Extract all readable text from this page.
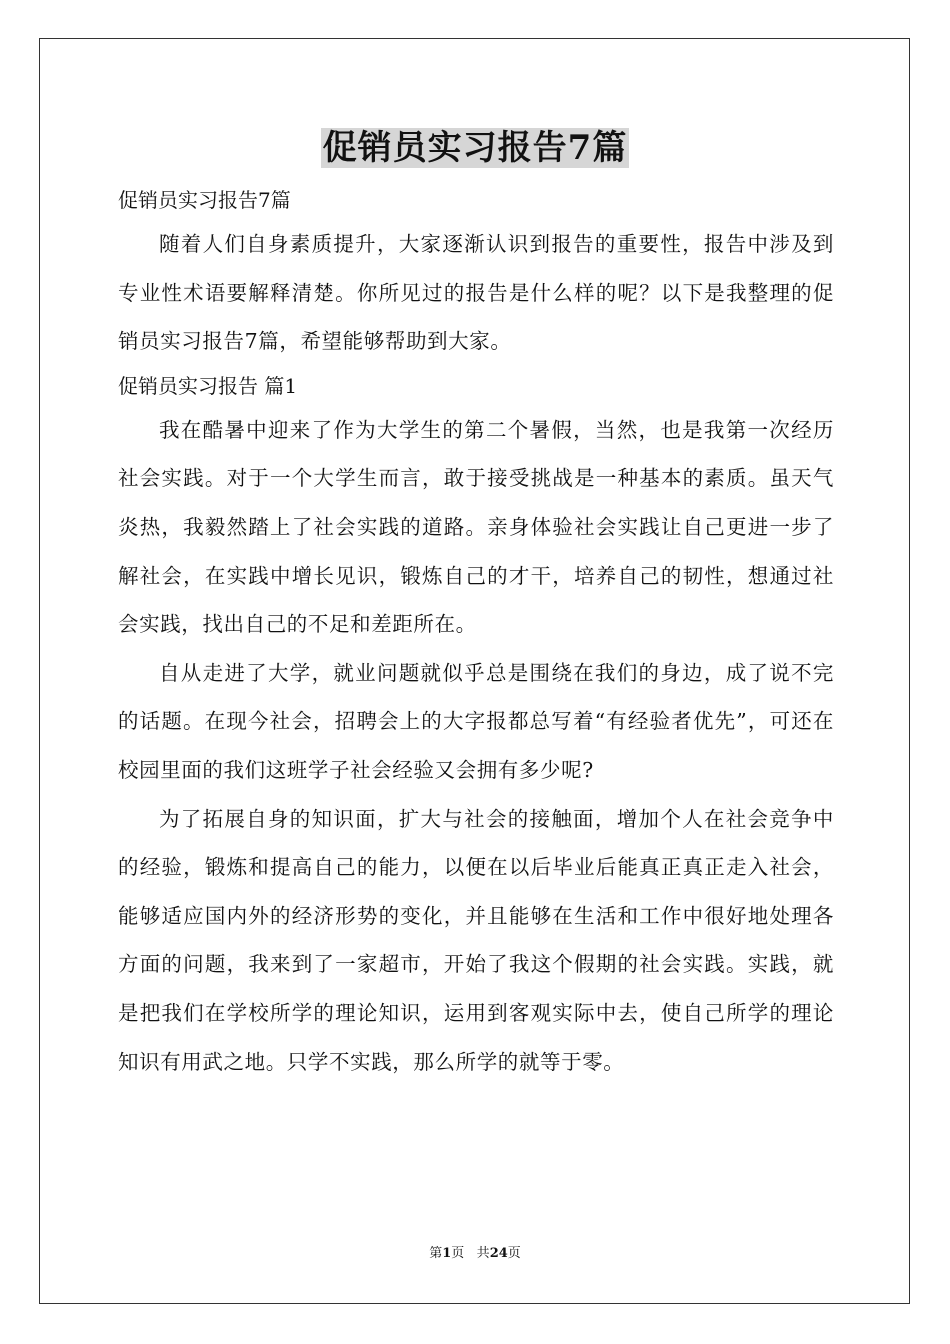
促销员实习报告7篇

促销员实习报告7篇

随着人们自身素质提升，大家逐渐认识到报告的重要性，报告中涉及到专业性术语要解释清楚。你所见过的报告是什么样的呢？以下是我整理的促销员实习报告7篇，希望能够帮助到大家。

促销员实习报告 篇1

我在酷暑中迎来了作为大学生的第二个暑假，当然，也是我第一次经历社会实践。对于一个大学生而言，敢于接受挑战是一种基本的素质。虽天气炎热，我毅然踏上了社会实践的道路。亲身体验社会实践让自己更进一步了解社会，在实践中增长见识，锻炼自己的才干，培养自己的韧性，想通过社会实践，找出自己的不足和差距所在。

自从走进了大学，就业问题就似乎总是围绕在我们的身边，成了说不完的话题。在现今社会，招聘会上的大字报都总写着“有经验者优先”，可还在校园里面的我们这班学子社会经验又会拥有多少呢?

为了拓展自身的知识面，扩大与社会的接触面，增加个人在社会竞争中的经验，锻炼和提高自己的能力，以便在以后毕业后能真正真正走入社会，能够适应国内外的经济形势的变化，并且能够在生活和工作中很好地处理各方面的问题，我来到了一家超市，开始了我这个假期的社会实践。实践，就是把我们在学校所学的理论知识，运用到客观实际中去，使自己所学的理论知识有用武之地。只学不实践，那么所学的就等于零。

第1页 共24页
